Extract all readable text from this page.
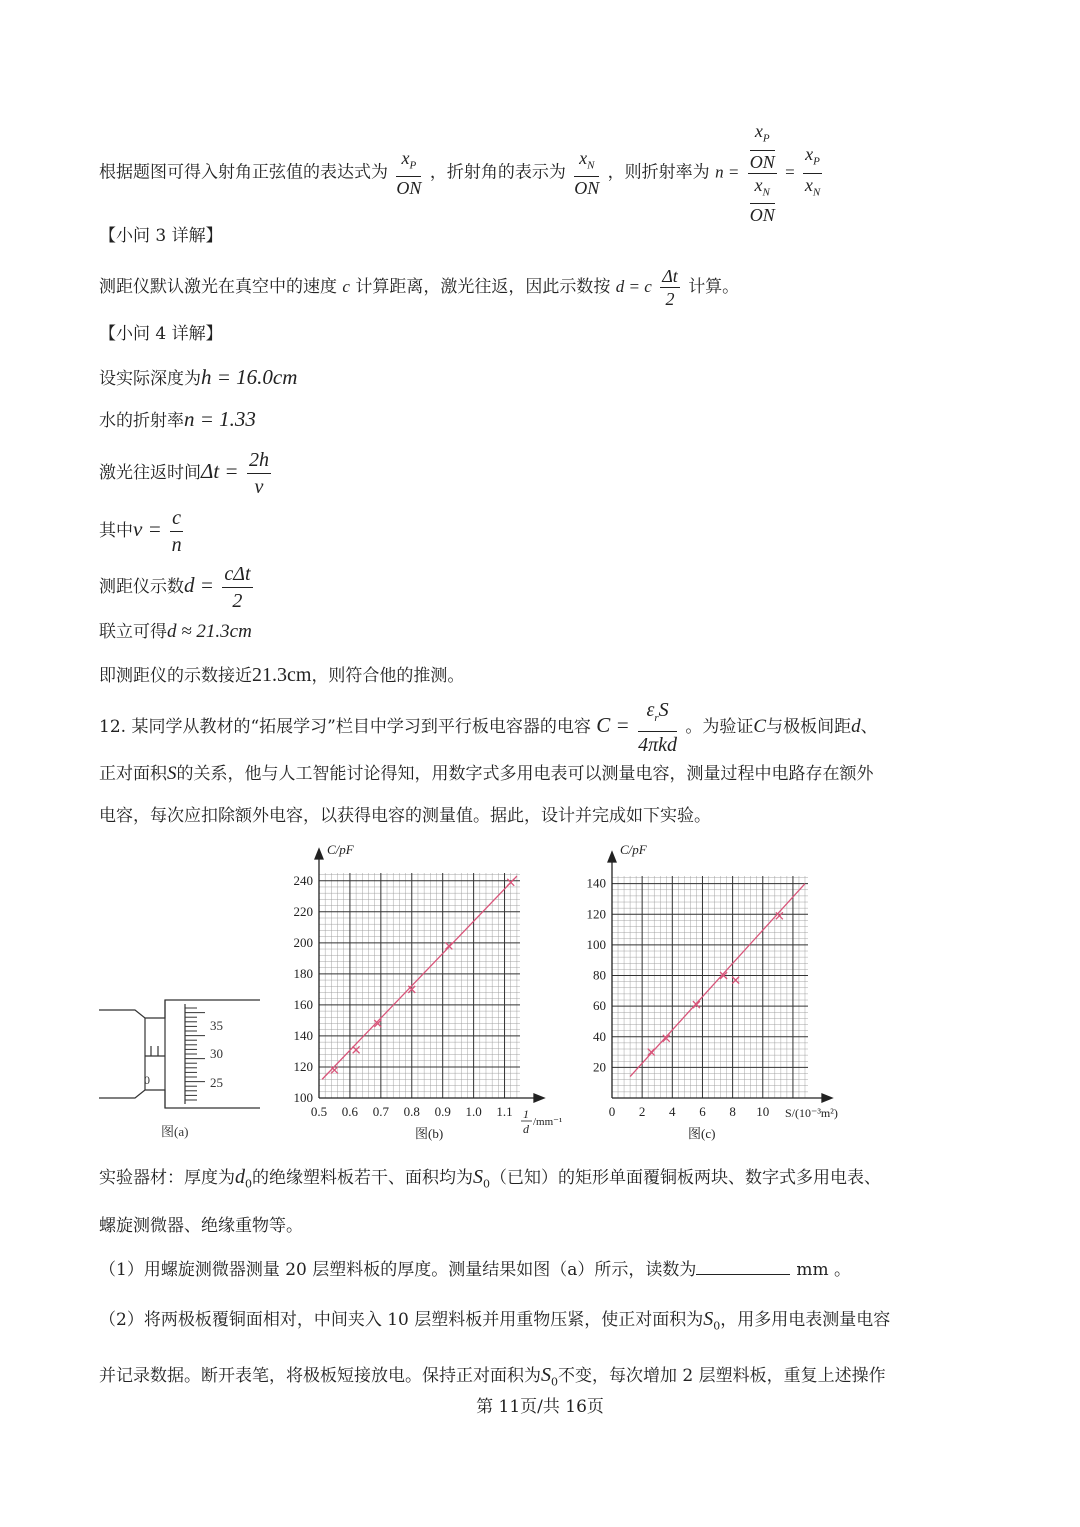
根据题图可得入射角正弦值的表达式为 $\frac{x_P}{ON}$ ，折射角的表示为 $\frac{x_N}{ON}$ ，则折射率为 $n = \frac{\frac{x_P}{ON}}{\frac{x_N}{ON}} = \frac{x_P}{x_N}$
【小问 3 详解】
测距仪默认激光在真空中的速度 c 计算距离，激光往返，因此示数按 d = c $\frac{\Delta t}{2}$ 计算。
【小问 4 详解】
设实际深度为h = 16.0cm
水的折射率n = 1.33
激光往返时间$\Delta t = \frac{2h}{v}$
其中$v = \frac{c}{n}$
测距仪示数$d = \frac{\text{cΔt}}{2}$
联立可得d ≈ 21.3cm
即测距仪的示数接近21.3cm，则符合他的推测。
12. 某同学从教材的“拓展学习”栏目中学习到平行板电容器的电容 $C = \frac{\varepsilon_rS}{\text{4πkd}}$ 。为验证C与极板间距d、
正对面积S的关系，他与人工智能讨论得知，用数字式多用电表可以测量电容，测量过程中电路存在额外
电容，每次应扣除额外电容，以获得电容的测量值。据此，设计并完成如下实验。
35
30
25
0
图(a)
0.5 0.6 0.7 0.8 0.9 1.0 1.1
100
120
140
160
180
200
220
240
C/pF
1
d /mm⁻¹
图(b)
0 2 4 6 8 10
20
40
60
80
100
120
140
C/pF
S/(10⁻³m²)
图(c)
实验器材：厚度为$d_0$的绝缘塑料板若干、面积均为$S_0$（已知）的矩形单面覆铜板两块、数字式多用电表、
螺旋测微器、绝缘重物等。
（1）用螺旋测微器测量 20 层塑料板的厚度。测量结果如图（a）所示，读数为	mm 。
（2）将两极板覆铜面相对，中间夹入 10 层塑料板并用重物压紧，使正对面积为$S_0$，用多用电表测量电容
并记录数据。断开表笔，将极板短接放电。保持正对面积为$S_0$不变，每次增加 2 层塑料板，重复上述操作
第 11页/共 16页
